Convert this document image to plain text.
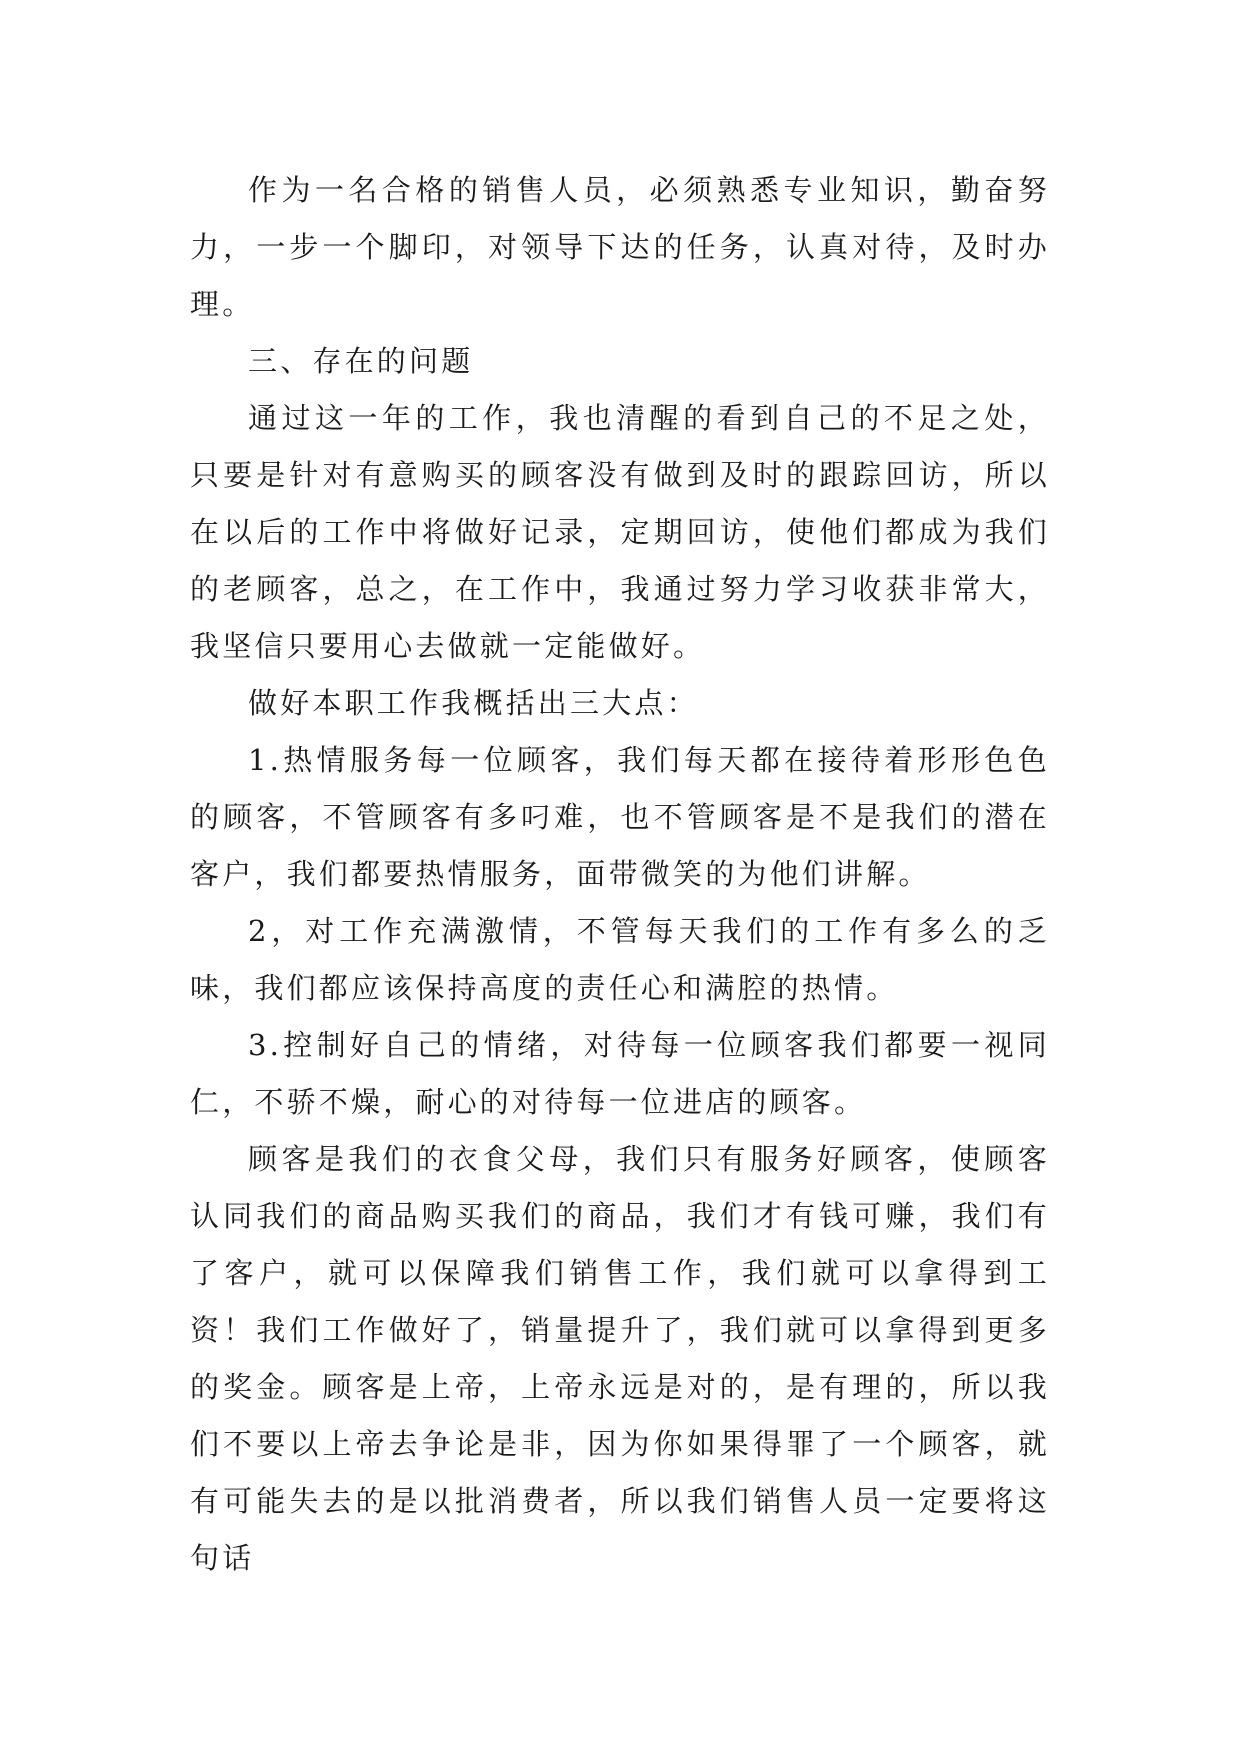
作为一名合格的销售人员，必须熟悉专业知识，勤奋努力，一步一个脚印，对领导下达的任务，认真对待，及时办理。

三、存在的问题

通过这一年的工作，我也清醒的看到自己的不足之处，只要是针对有意购买的顾客没有做到及时的跟踪回访，所以在以后的工作中将做好记录，定期回访，使他们都成为我们的老顾客，总之，在工作中，我通过努力学习收获非常大，我坚信只要用心去做就一定能做好。

做好本职工作我概括出三大点：

1.热情服务每一位顾客，我们每天都在接待着形形色色的顾客，不管顾客有多叼难，也不管顾客是不是我们的潜在客户，我们都要热情服务，面带微笑的为他们讲解。

2，对工作充满激情，不管每天我们的工作有多么的乏味，我们都应该保持高度的责任心和满腔的热情。

3.控制好自己的情绪，对待每一位顾客我们都要一视同仁，不骄不燥，耐心的对待每一位进店的顾客。

顾客是我们的衣食父母，我们只有服务好顾客，使顾客认同我们的商品购买我们的商品，我们才有钱可赚，我们有了客户，就可以保障我们销售工作，我们就可以拿得到工资！我们工作做好了，销量提升了，我们就可以拿得到更多的奖金。顾客是上帝，上帝永远是对的，是有理的，所以我们不要以上帝去争论是非，因为你如果得罪了一个顾客，就有可能失去的是以批消费者，所以我们销售人员一定要将这句话
